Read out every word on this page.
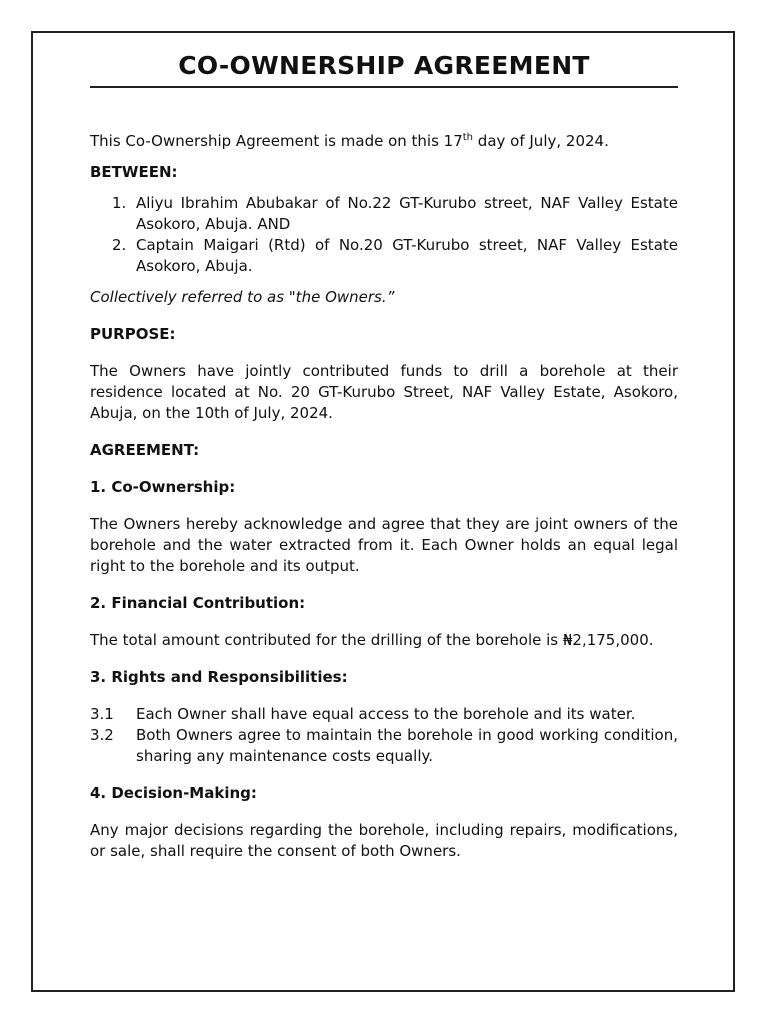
CO-OWNERSHIP AGREEMENT

This Co-Ownership Agreement is made on this 17th day of July, 2024.

BETWEEN:

1. Aliyu Ibrahim Abubakar of No.22 GT-Kurubo street, NAF Valley Estate Asokoro, Abuja. AND
2. Captain Maigari (Rtd) of No.20 GT-Kurubo street, NAF Valley Estate Asokoro, Abuja.

Collectively referred to as "the Owners.”

PURPOSE:

The Owners have jointly contributed funds to drill a borehole at their residence located at No. 20 GT-Kurubo Street, NAF Valley Estate, Asokoro, Abuja, on the 10th of July, 2024.

AGREEMENT:

1. Co-Ownership:

The Owners hereby acknowledge and agree that they are joint owners of the borehole and the water extracted from it. Each Owner holds an equal legal right to the borehole and its output.

2. Financial Contribution:

The total amount contributed for the drilling of the borehole is ₦2,175,000.

3. Rights and Responsibilities:

3.1 Each Owner shall have equal access to the borehole and its water.
3.2 Both Owners agree to maintain the borehole in good working condition, sharing any maintenance costs equally.

4. Decision-Making:

Any major decisions regarding the borehole, including repairs, modifications, or sale, shall require the consent of both Owners.
